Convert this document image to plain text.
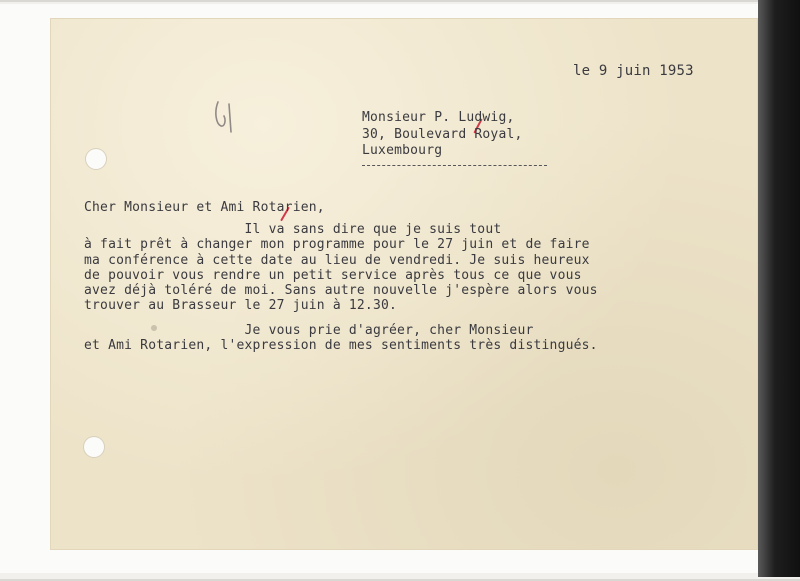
le 9 juin 1953
Monsieur P. Ludwig,
30, Boulevard Royal,
Luxembourg
Cher Monsieur et Ami Rotarien,
Il va sans dire que je suis tout
à fait prêt à changer mon programme pour le 27 juin et de faire
ma conférence à cette date au lieu de vendredi. Je suis heureux
de pouvoir vous rendre un petit service après tous ce que vous
avez déjà toléré de moi. Sans autre nouvelle j'espère alors vous
trouver au Brasseur le 27 juin à 12.30.
Je vous prie d'agréer, cher Monsieur
et Ami Rotarien, l'expression de mes sentiments très distingués.
